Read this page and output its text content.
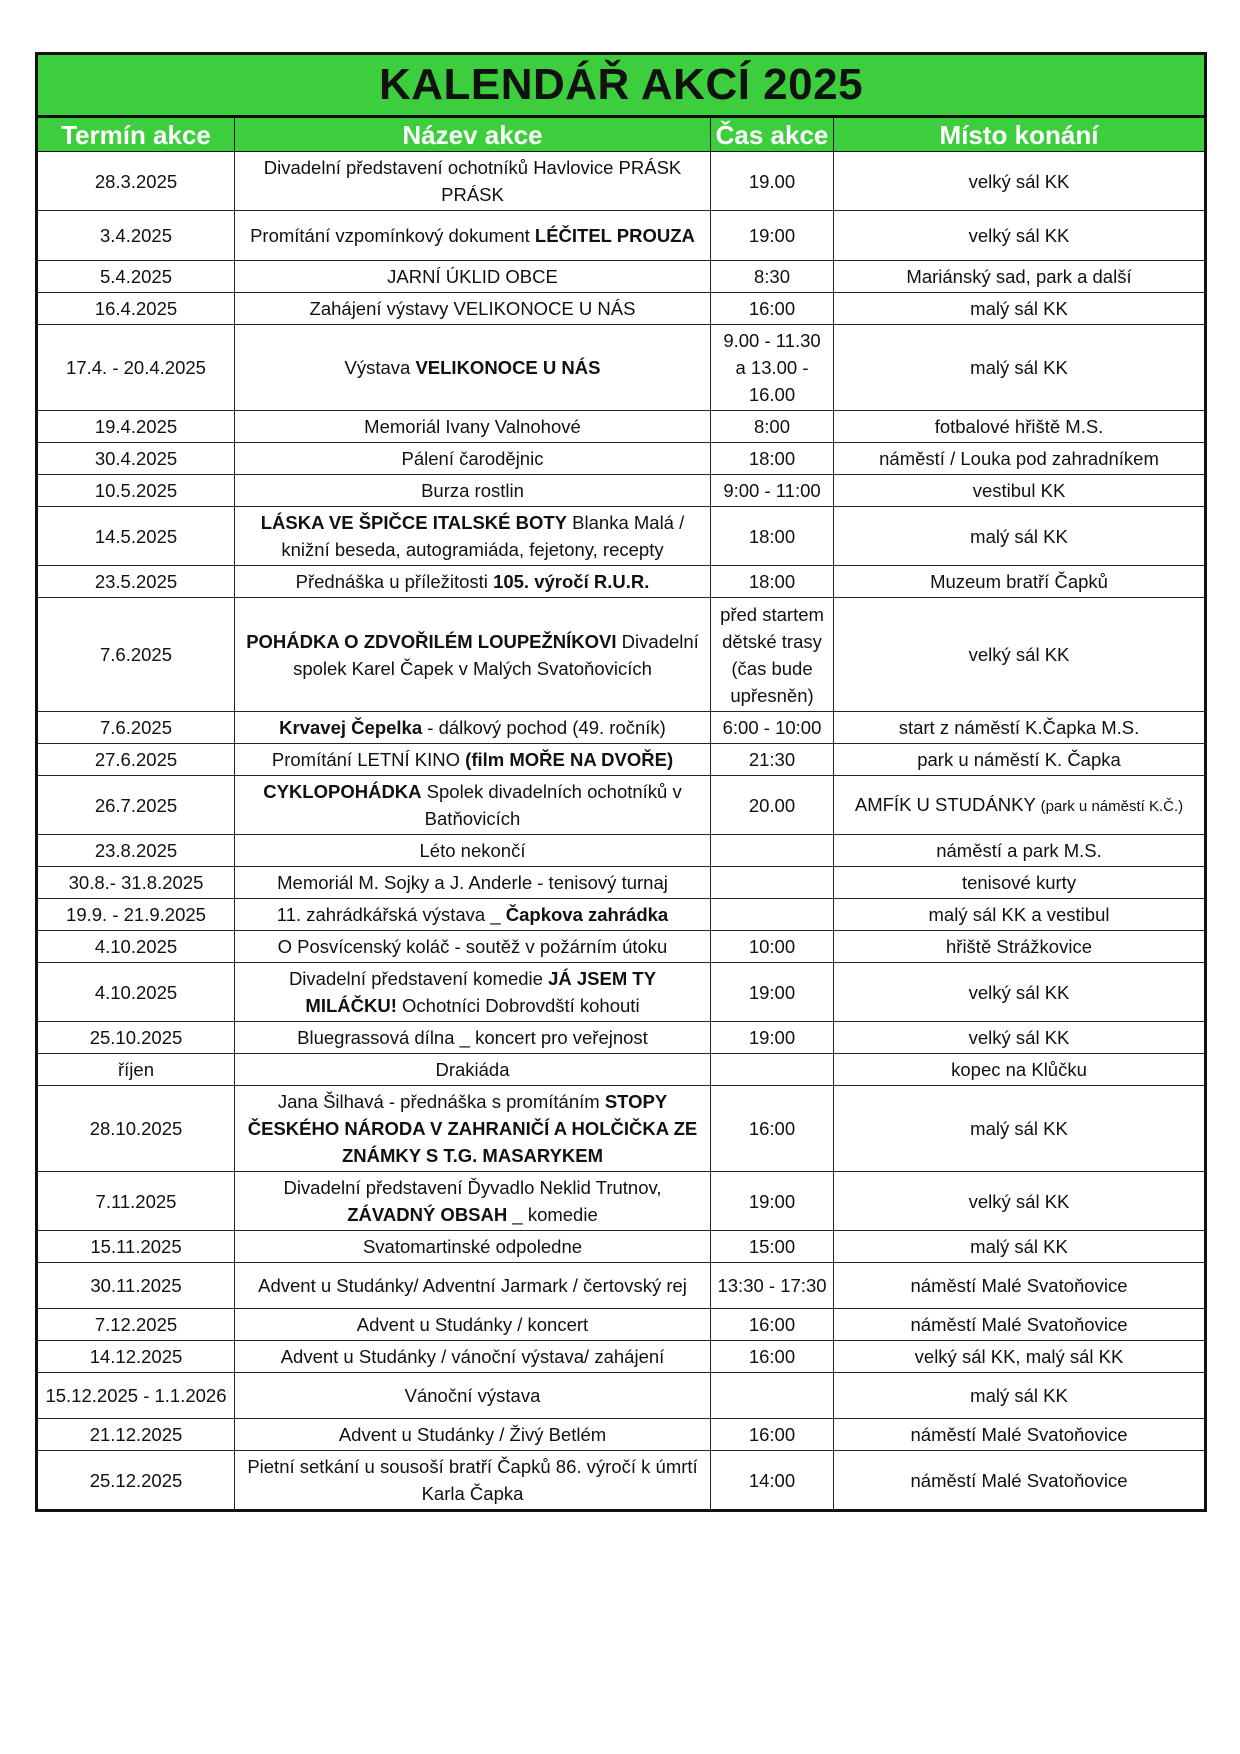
KALENDÁŘ AKCÍ 2025			
Termín akce	Název akce	Čas akce	Místo konání
28.3.2025	Divadelní představení ochotníků Havlovice PRÁSK PRÁSK	19.00	velký sál KK
3.4.2025	Promítání vzpomínkový dokument LÉČITEL PROUZA	19:00	velký sál KK
5.4.2025	JARNÍ ÚKLID OBCE	8:30	Mariánský sad, park a další
16.4.2025	Zahájení výstavy VELIKONOCE U NÁS	16:00	malý sál KK
17.4. - 20.4.2025	Výstava VELIKONOCE U NÁS	9.00 - 11.30 a 13.00 - 16.00	malý sál KK
19.4.2025	Memoriál Ivany Valnohové	8:00	fotbalové hřiště M.S.
30.4.2025	Pálení čarodějnic	18:00	náměstí / Louka pod zahradníkem
10.5.2025	Burza rostlin	9:00 - 11:00	vestibul KK
14.5.2025	LÁSKA VE ŠPIČCE ITALSKÉ BOTY Blanka Malá / knižní beseda, autogramiáda, fejetony, recepty	18:00	malý sál KK
23.5.2025	Přednáška u příležitosti 105. výročí R.U.R.	18:00	Muzeum bratří Čapků
7.6.2025	POHÁDKA O ZDVOŘILÉM LOUPEŽNÍKOVI Divadelní spolek Karel Čapek v Malých Svatoňovicích	před startem dětské trasy (čas bude upřesněn)	velký sál KK
7.6.2025	Krvavej Čepelka - dálkový pochod (49. ročník)	6:00 - 10:00	start z náměstí K.Čapka M.S.
27.6.2025	Promítání LETNÍ KINO (film MOŘE NA DVOŘE)	21:30	park u náměstí K. Čapka
26.7.2025	CYKLOPOHÁDKA Spolek divadelních ochotníků v Batňovicích	20.00	AMFÍK U STUDÁNKY (park u náměstí K.Č.)
23.8.2025	Léto nekončí		náměstí a park M.S.
30.8.- 31.8.2025	Memoriál M. Sojky a J. Anderle - tenisový turnaj		tenisové kurty
19.9. - 21.9.2025	11. zahrádkářská výstava _ Čapkova zahrádka		malý sál KK a vestibul
4.10.2025	O Posvícenský koláč - soutěž v požárním útoku	10:00	hřiště Strážkovice
4.10.2025	Divadelní představení komedie JÁ JSEM TY MILÁČKU! Ochotníci Dobrovdští kohouti	19:00	velký sál KK
25.10.2025	Bluegrassová dílna _ koncert pro veřejnost	19:00	velký sál KK
říjen	Drakiáda		kopec na Klůčku
28.10.2025	Jana Šilhavá - přednáška s promítáním STOPY ČESKÉHO NÁRODA V ZAHRANIČÍ A HOLČIČKA ZE ZNÁMKY S T.G. MASARYKEM	16:00	malý sál KK
7.11.2025	Divadelní představení Ďyvadlo Neklid Trutnov, ZÁVADNÝ OBSAH _ komedie	19:00	velký sál KK
15.11.2025	Svatomartinské odpoledne	15:00	malý sál KK
30.11.2025	Advent u Studánky/ Adventní Jarmark / čertovský rej	13:30 - 17:30	náměstí Malé Svatoňovice
7.12.2025	Advent u Studánky / koncert	16:00	náměstí Malé Svatoňovice
14.12.2025	Advent u Studánky / vánoční výstava/ zahájení	16:00	velký sál KK, malý sál KK
15.12.2025 - 1.1.2026	Vánoční výstava		malý sál KK
21.12.2025	Advent u Studánky / Živý Betlém	16:00	náměstí Malé Svatoňovice
25.12.2025	Pietní setkání u sousoší bratří Čapků 86. výročí k úmrtí Karla Čapka	14:00	náměstí Malé Svatoňovice
